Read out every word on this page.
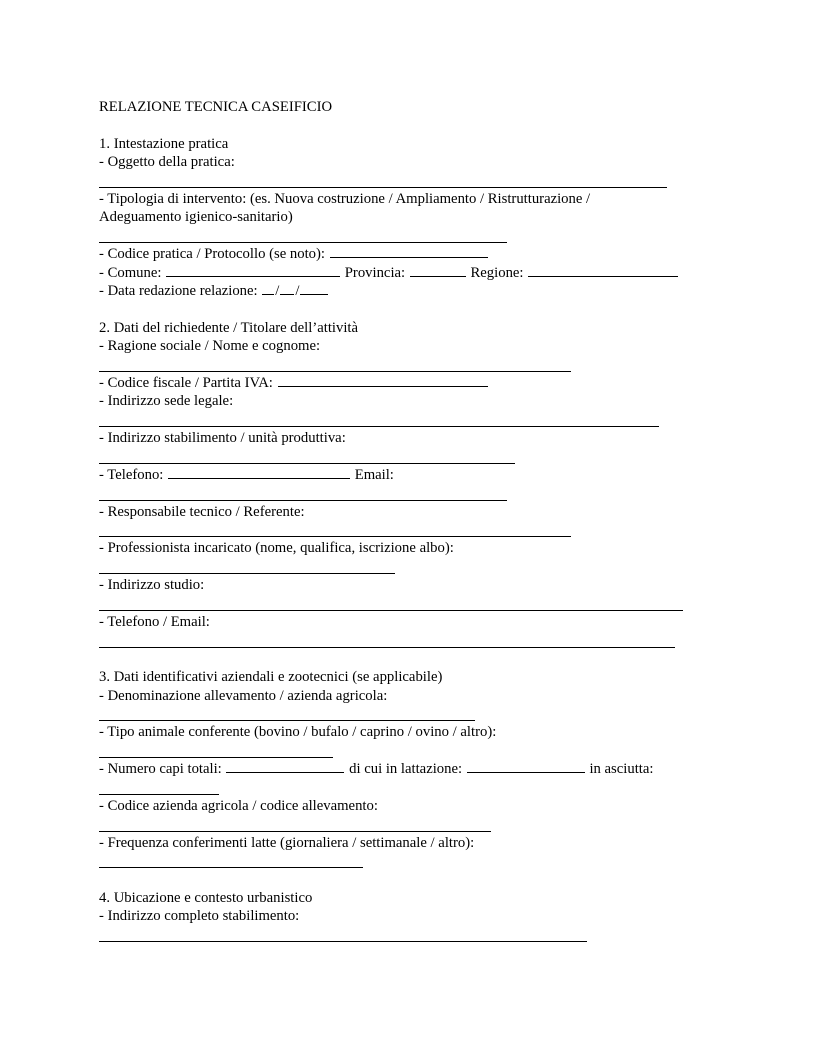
RELAZIONE TECNICA CASEIFICIO
1. Intestazione pratica
- Oggetto della pratica:
- Tipologia di intervento: (es. Nuova costruzione / Ampliamento / Ristrutturazione /
Adeguamento igienico-sanitario)
- Codice pratica / Protocollo (se noto):
- Comune:	Provincia:	Regione:
- Data redazione relazione: / /
2. Dati del richiedente / Titolare dell’attività
- Ragione sociale / Nome e cognome:
- Codice fiscale / Partita IVA:
- Indirizzo sede legale:
- Indirizzo stabilimento / unità produttiva:
- Telefono:	Email:
- Responsabile tecnico / Referente:
- Professionista incaricato (nome, qualifica, iscrizione albo):
- Indirizzo studio:
- Telefono / Email:
3. Dati identificativi aziendali e zootecnici (se applicabile)
- Denominazione allevamento / azienda agricola:
- Tipo animale conferente (bovino / bufalo / caprino / ovino / altro):
- Numero capi totali:	di cui in lattazione:	in asciutta:
- Codice azienda agricola / codice allevamento:
- Frequenza conferimenti latte (giornaliera / settimanale / altro):
4. Ubicazione e contesto urbanistico
- Indirizzo completo stabilimento:
